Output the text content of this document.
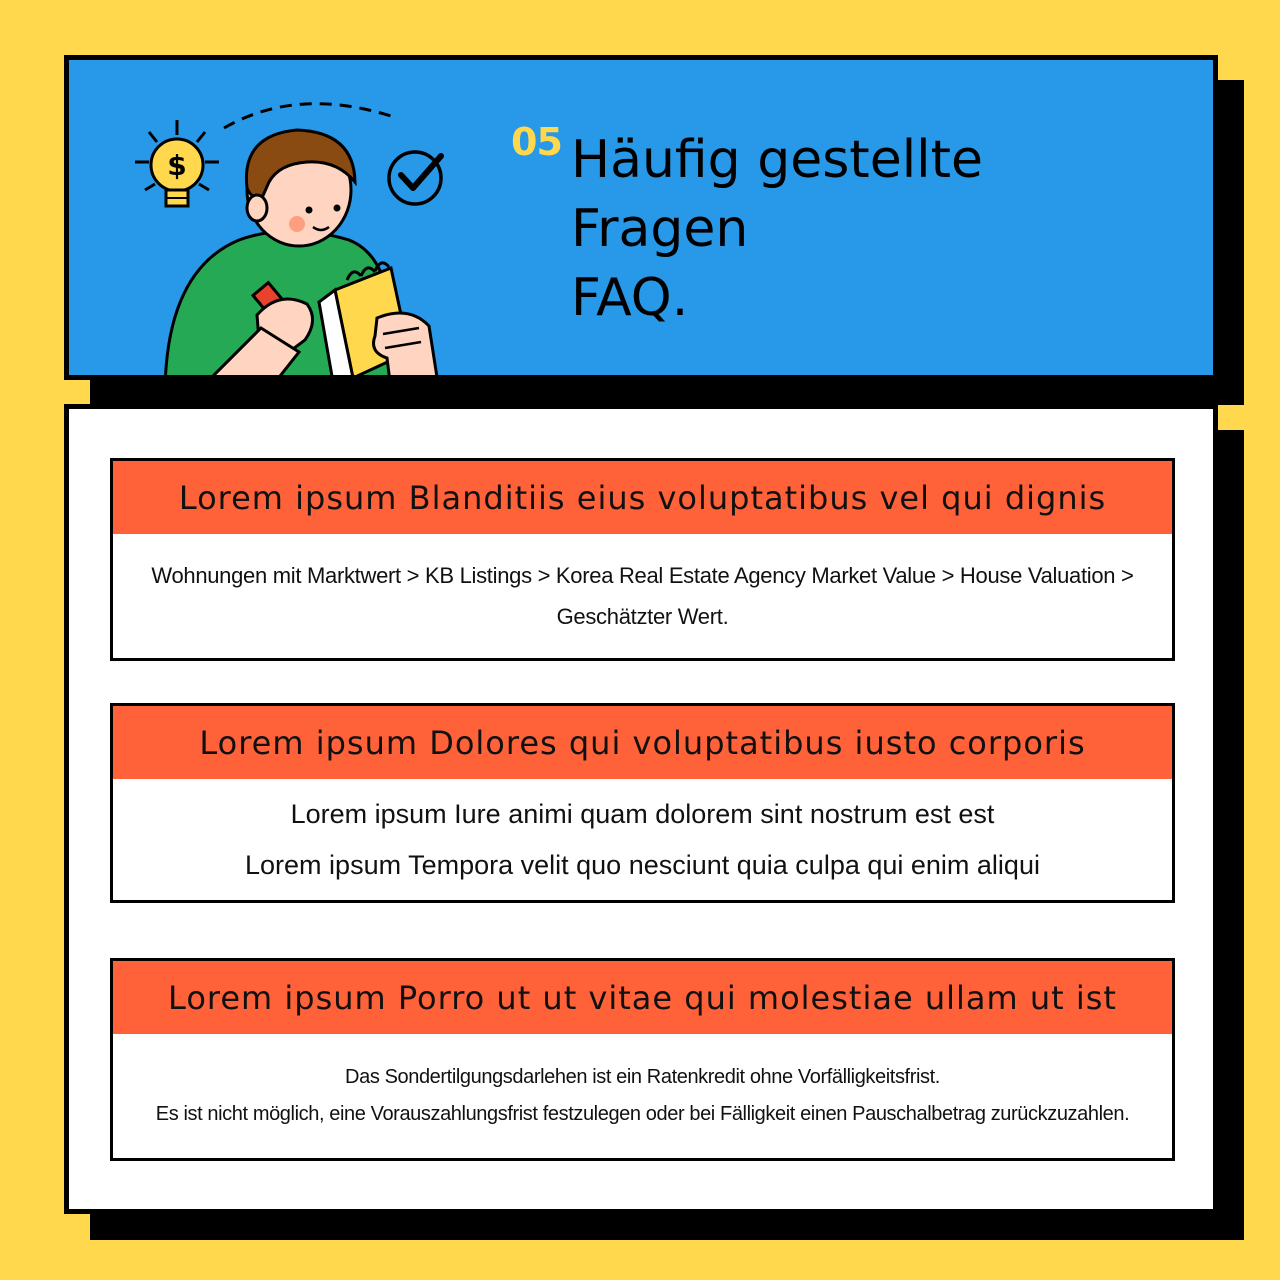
$
05 Häufig gestellte
Fragen
FAQ.
Lorem ipsum Blanditiis eius voluptatibus vel qui dignis
Wohnungen mit Marktwert > KB Listings > Korea Real Estate Agency Market Value > House Valuation >
Geschätzter Wert.
Lorem ipsum Dolores qui voluptatibus iusto corporis
Lorem ipsum Iure animi quam dolorem sint nostrum est est
Lorem ipsum Tempora velit quo nesciunt quia culpa qui enim aliqui
Lorem ipsum Porro ut ut vitae qui molestiae ullam ut ist
Das Sondertilgungsdarlehen ist ein Ratenkredit ohne Vorfälligkeitsfrist.
Es ist nicht möglich, eine Vorauszahlungsfrist festzulegen oder bei Fälligkeit einen Pauschalbetrag zurückzuzahlen.
